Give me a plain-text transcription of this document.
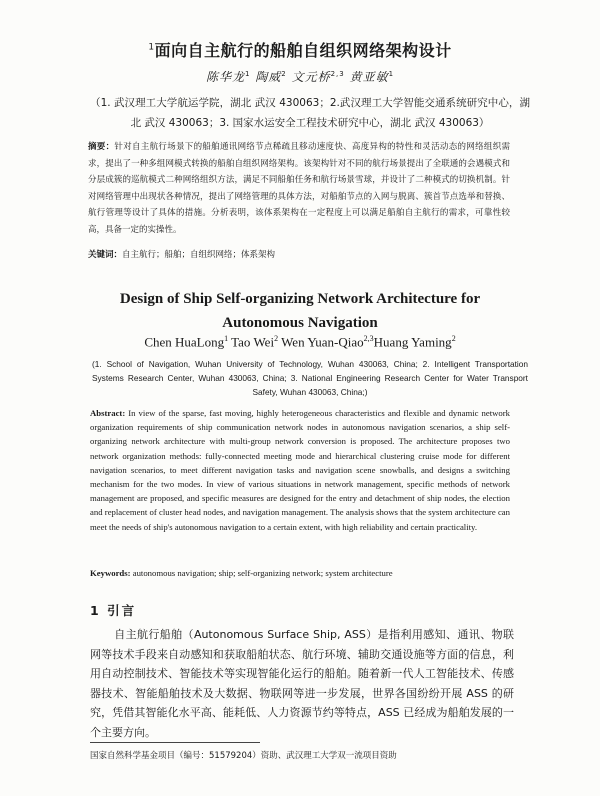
$^1$面向自主航行的船舶自组织网络架构设计
陈华龙$^1$ 陶威$^2$ 文元桥$^{2,3}$ 黄亚敏$^1$
（1. 武汉理工大学航运学院，湖北 武汉 430063；2.武汉理工大学智能交通系统研究中心，湖北 武汉 430063；3. 国家水运安全工程技术研究中心，湖北 武汉 430063）
摘要：针对自主航行场景下的船舶通讯网络节点稀疏且移动速度快、高度异构的特性和灵活动态的网络组织需求，提出了一种多组网模式转换的船舶自组织网络架构。该架构针对不同的航行场景提出了全联通的会遇模式和分层成簇的巡航模式二种网络组织方法，满足不同船舶任务和航行场景雪球，并设计了二种模式的切换机制。针对网络管理中出现状各种情况，提出了网络管理的具体方法，对船舶节点的入网与脱离、簇首节点选举和替换、航行管理等设计了具体的措施。分析表明，该体系架构在一定程度上可以满足船舶自主航行的需求，可靠性较高，具备一定的实操性。
关键词：自主航行；船舶；自组织网络；体系架构
Design of Ship Self-organizing Network Architecture for Autonomous Navigation
Chen HuaLong$^1$ Tao Wei$^2$ Wen Yuan-Qiao$^{2,3}$Huang Yaming$^2$
(1. School of Navigation, Wuhan University of Technology, Wuhan 430063, China; 2. Intelligent Transportation Systems Research Center, Wuhan 430063, China; 3. National Engineering Research Center for Water Transport Safety, Wuhan 430063, China;)
Abstract: In view of the sparse, fast moving, highly heterogeneous characteristics and flexible and dynamic network organization requirements of ship communication network nodes in autonomous navigation scenarios, a ship self-organizing network architecture with multi-group network conversion is proposed. The architecture proposes two network organization methods: fully-connected meeting mode and hierarchical clustering cruise mode for different navigation scenarios, to meet different navigation tasks and navigation scene snowballs, and designs a switching mechanism for the two modes. In view of various situations in network management, specific methods of network management are proposed, and specific measures are designed for the entry and detachment of ship nodes, the election and replacement of cluster head nodes, and navigation management. The analysis shows that the system architecture can meet the needs of ship's autonomous navigation to a certain extent, with high reliability and certain practicality.
Keywords: autonomous navigation; ship; self-organizing network; system architecture
1 引言
自主航行船舶（Autonomous Surface Ship, ASS）是指利用感知、通讯、物联网等技术手段来自动感知和获取船舶状态、航行环境、辅助交通设施等方面的信息，利用自动控制技术、智能技术等实现智能化运行的船舶。随着新一代人工智能技术、传感器技术、智能船舶技术及大数据、物联网等进一步发展，世界各国纷纷开展 ASS 的研究，凭借其智能化水平高、能耗低、人力资源节约等特点，ASS 已经成为船舶发展的一个主要方向。
国家自然科学基金项目（编号：51579204）资助、武汉理工大学双一流项目资助
